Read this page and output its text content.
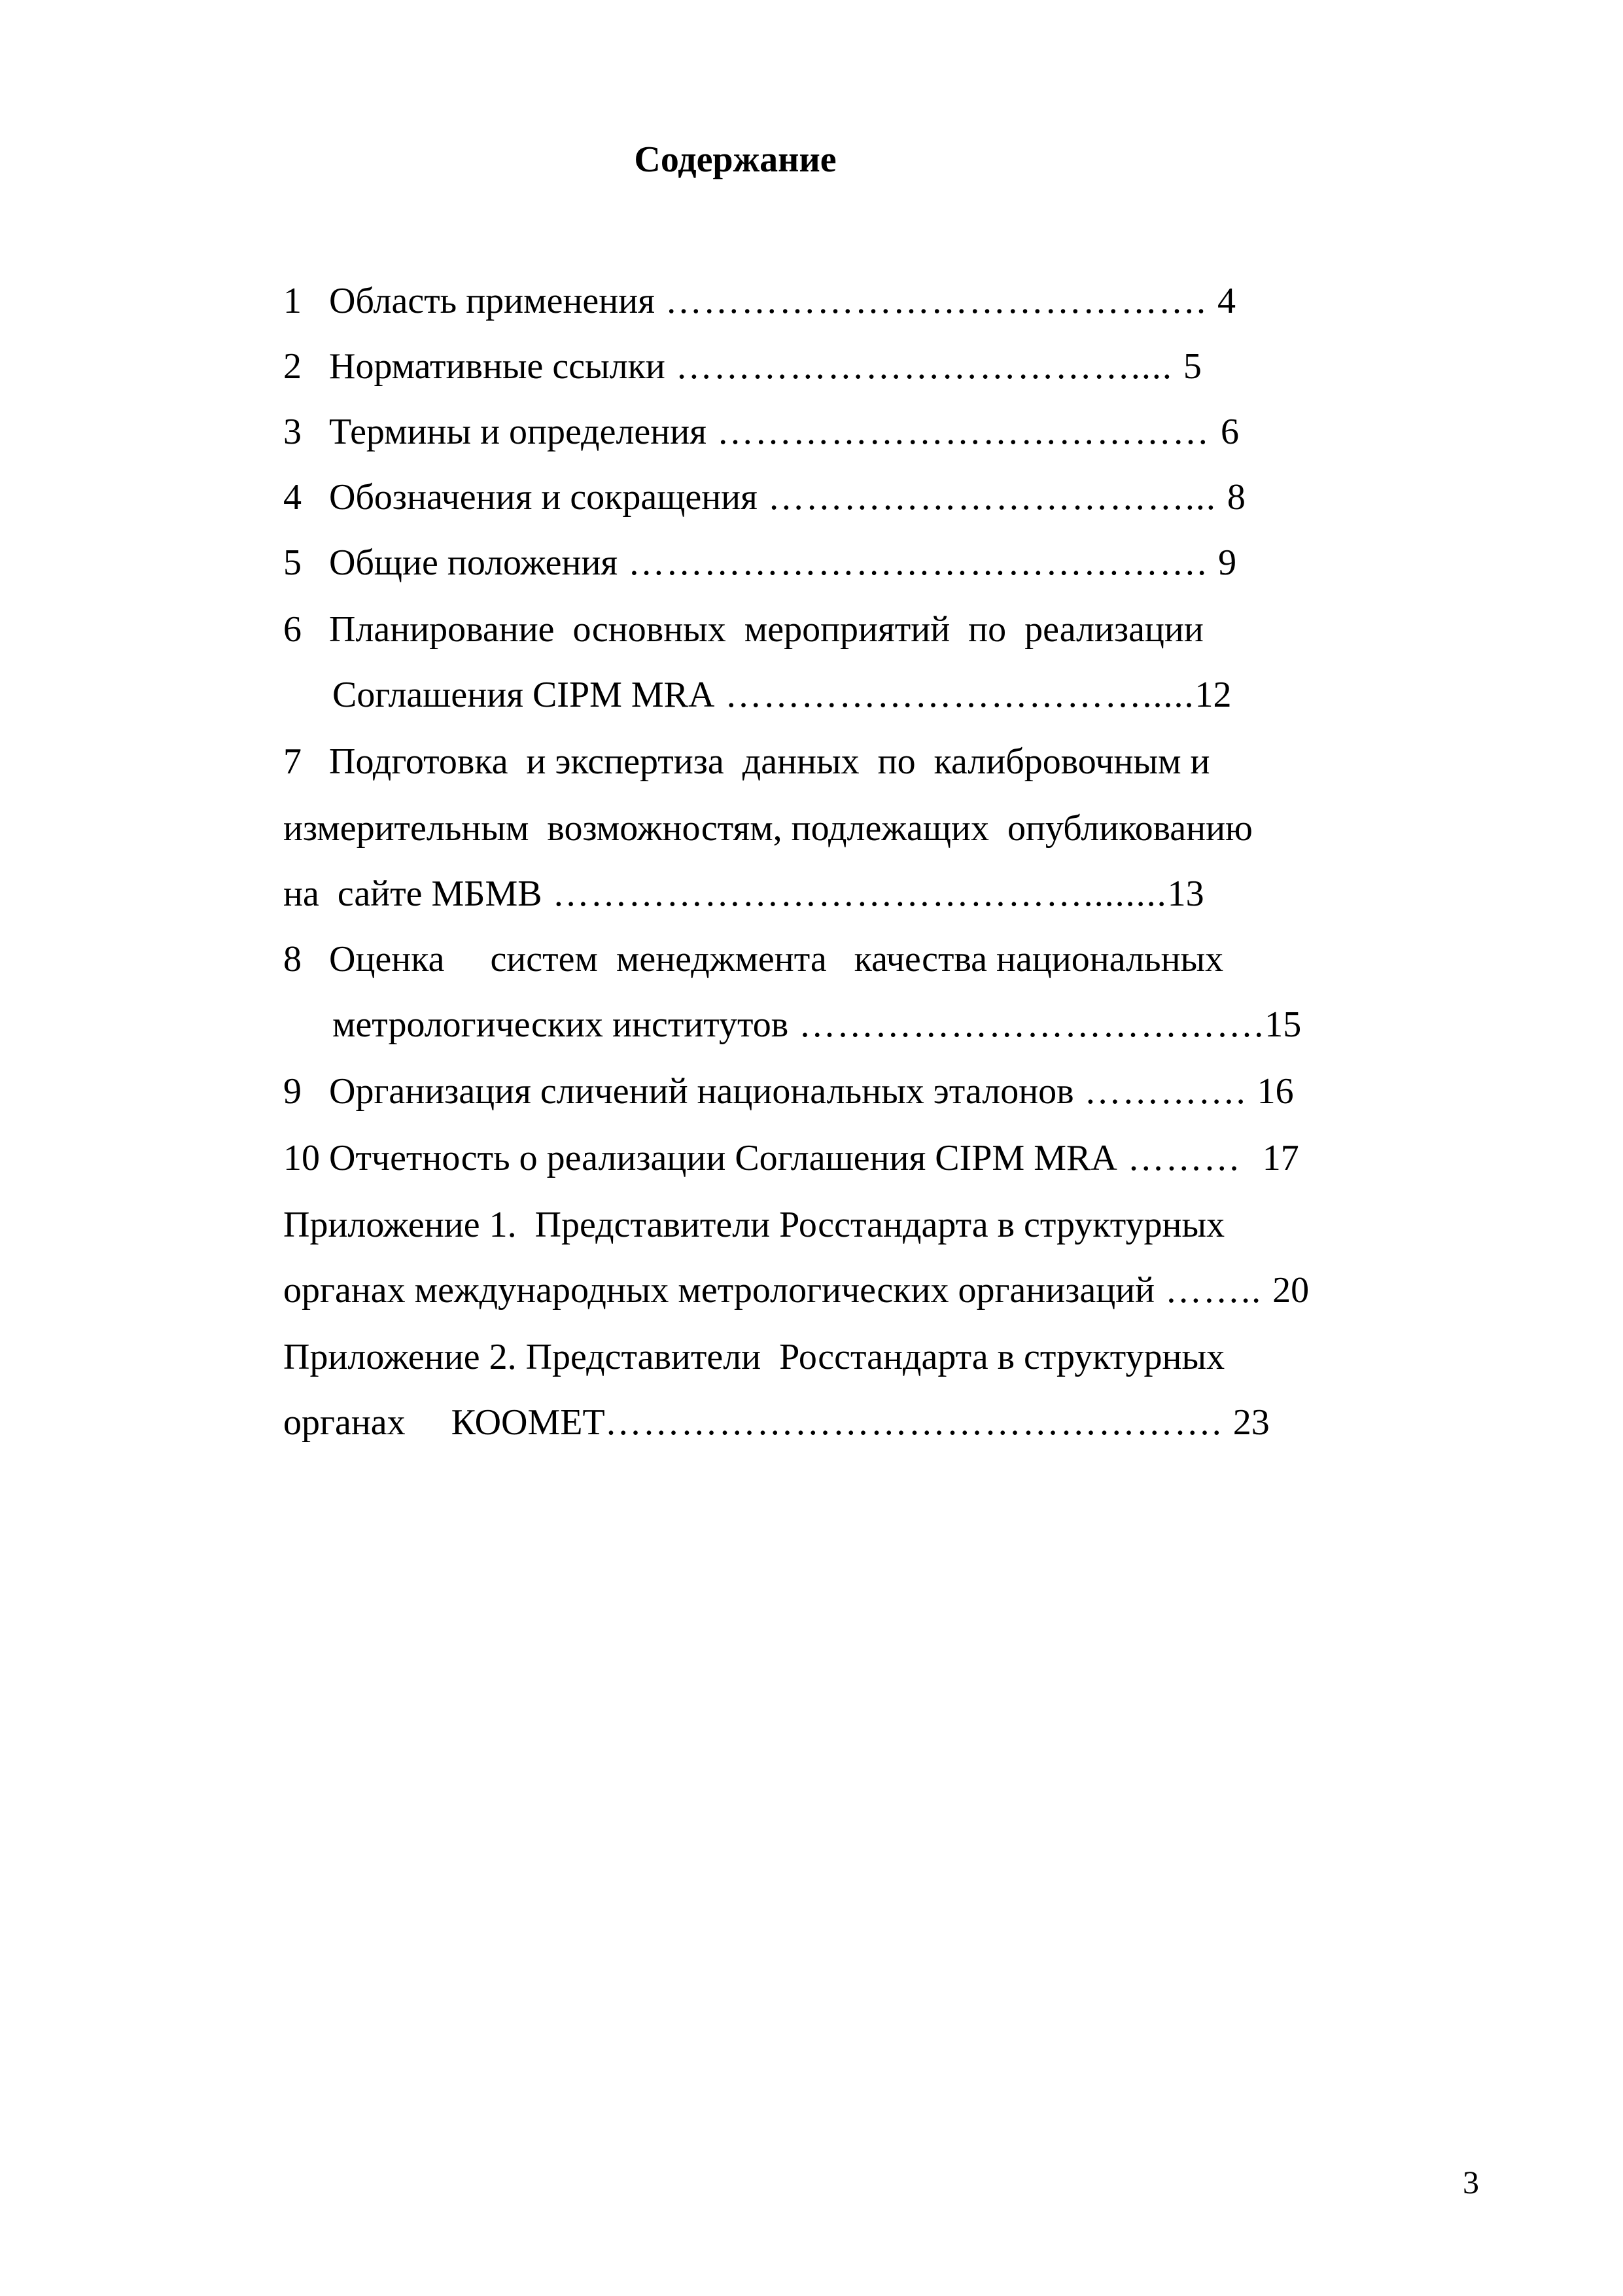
Содержание

1 Область применения ……………………………………. 4

2 Нормативные ссылки ……………………………….... 5

3 Термины и определения ………………………………… 6

4 Обозначения и сокращения ……………………………... 8

5 Общие положения ………………………………………. 9

6 Планирование  основных  мероприятий  по  реализации

Соглашения CIPM MRA …………………………….....12

7 Подготовка  и экспертиза  данных  по  калибровочным и

измерительным  возможностям, подлежащих  опубликованию

на  сайте МБМВ ……………………………………........13

8 Оценка     систем  менеджмента   качества национальных

метрологических институтов ……………………………….15

9 Организация сличений национальных эталонов …………. 16

10 Отчетность о реализации Соглашения CIPM MRA ………  17

Приложение 1.  Представители Росстандарта в структурных

органах международных метрологических организаций …….. 20

Приложение 2. Представители  Росстандарта в структурных

органах     КООМЕТ…………………………………………. 23

3
